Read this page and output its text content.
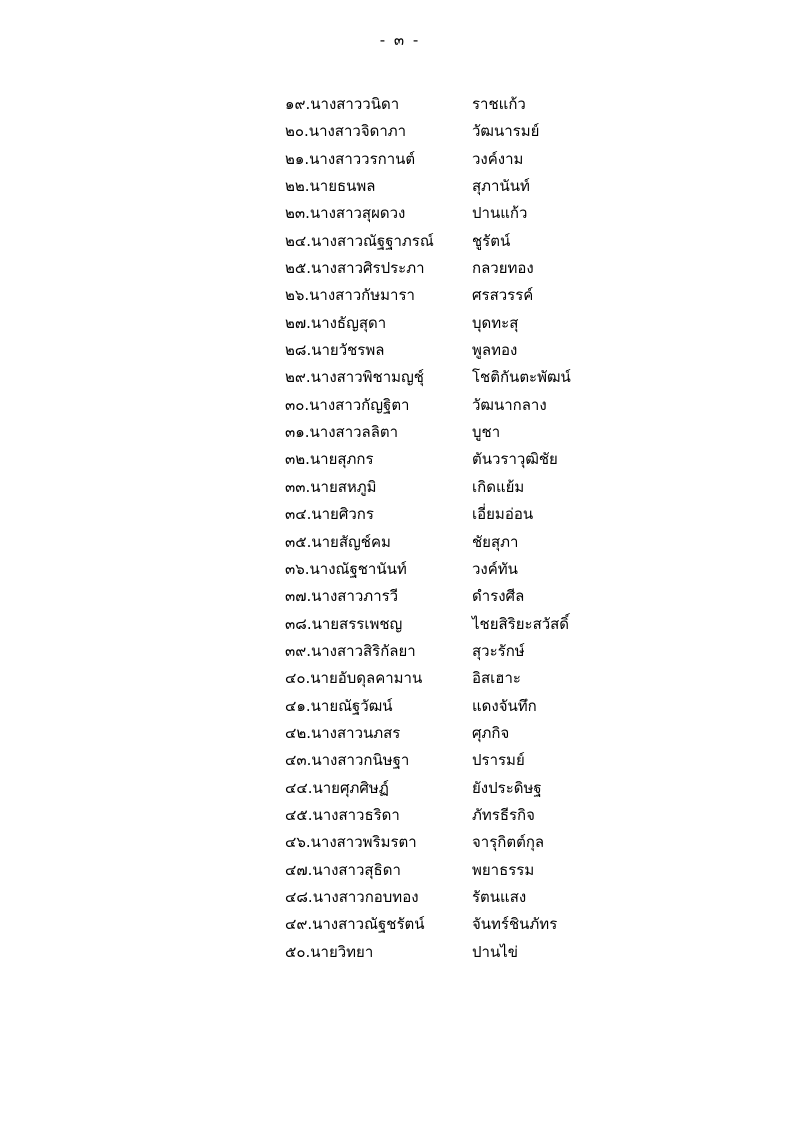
- ๓ -
๑๙.นางสาววนิดา	ราชแก้ว
๒๐.นางสาวจิดาภา	วัฒนารมย์
๒๑.นางสาววรกานต์	วงค์งาม
๒๒.นายธนพล	สุภานันท์
๒๓.นางสาวสุผดวง	ปานแก้ว
๒๔.นางสาวณัฐฐาภรณ์	ชูรัตน์
๒๕.นางสาวศิรประภา	กลวยทอง
๒๖.นางสาวกัษมารา	ศรสวรรค์
๒๗.นางธัญสุดา	บุดทะสุ
๒๘.นายวัชรพล	พูลทอง
๒๙.นางสาวพิชามญชุ์	โชติกันตะพัฒน์
๓๐.นางสาวกัญฐิตา	วัฒนากลาง
๓๑.นางสาวลลิตา	บูชา
๓๒.นายสุภกร	ตันวราวุฒิชัย
๓๓.นายสหภูมิ	เกิดแย้ม
๓๔.นายศิวกร	เอี่ยมอ่อน
๓๕.นายสัญช์คม	ชัยสุภา
๓๖.นางณัฐชานันท์	วงค์ทัน
๓๗.นางสาวภารวี	ดำรงศีล
๓๘.นายสรรเพชญ	ไชยสิริยะสวัสดิ์
๓๙.นางสาวสิริกัลยา	สุวะรักษ์
๔๐.นายอับดุลคามาน	อิสเฮาะ
๔๑.นายณัฐวัฒน์	แดงจันทึก
๔๒.นางสาวนภสร	ศุภกิจ
๔๓.นางสาวกนิษฐา	ปรารมย์
๔๔.นายศุภศิษฏ์	ยังประดิษฐ
๔๕.นางสาวธริดา	ภัทรธีรกิจ
๔๖.นางสาวพริมรตา	จารุกิตต์กุล
๔๗.นางสาวสุธิดา	พยาธรรม
๔๘.นางสาวกอบทอง	รัตนแสง
๔๙.นางสาวณัฐชรัตน์	จันทร์ชินภัทร
๕๐.นายวิทยา	ปานไข่
